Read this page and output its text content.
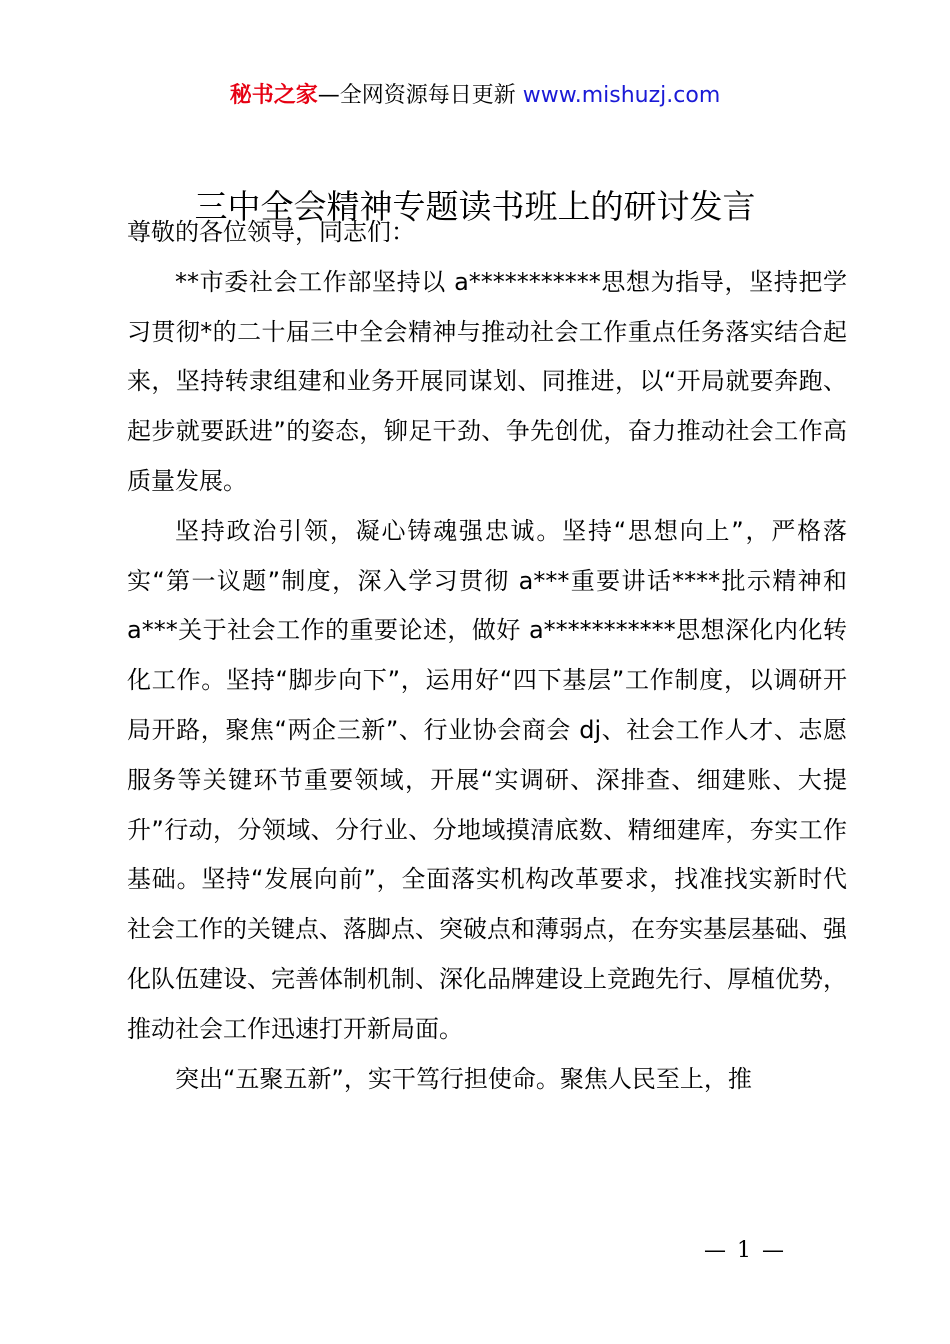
秘书之家—全网资源每日更新 www.mishuzj.com
三中全会精神专题读书班上的研讨发言

尊敬的各位领导，同志们：

**市委社会工作部坚持以 a***********思想为指导，坚持把学习贯彻*的二十届三中全会精神与推动社会工作重点任务落实结合起来，坚持转隶组建和业务开展同谋划、同推进，以“开局就要奔跑、起步就要跃进”的姿态，铆足干劲、争先创优，奋力推动社会工作高质量发展。

坚持政治引领，凝心铸魂强忠诚。坚持“思想向上”，严格落实“第一议题”制度，深入学习贯彻 a***重要讲话****批示精神和 a***关于社会工作的重要论述，做好 a***********思想深化内化转化工作。坚持“脚步向下”，运用好“四下基层”工作制度，以调研开局开路，聚焦“两企三新”、行业协会商会 dj、社会工作人才、志愿服务等关键环节重要领域，开展“实调研、深排查、细建账、大提升”行动，分领域、分行业、分地域摸清底数、精细建库，夯实工作基础。坚持“发展向前”，全面落实机构改革要求，找准找实新时代社会工作的关键点、落脚点、突破点和薄弱点，在夯实基层基础、强化队伍建设、完善体制机制、深化品牌建设上竞跑先行、厚植优势，推动社会工作迅速打开新局面。

突出“五聚五新”，实干笃行担使命。聚焦人民至上，推

— 1 —
